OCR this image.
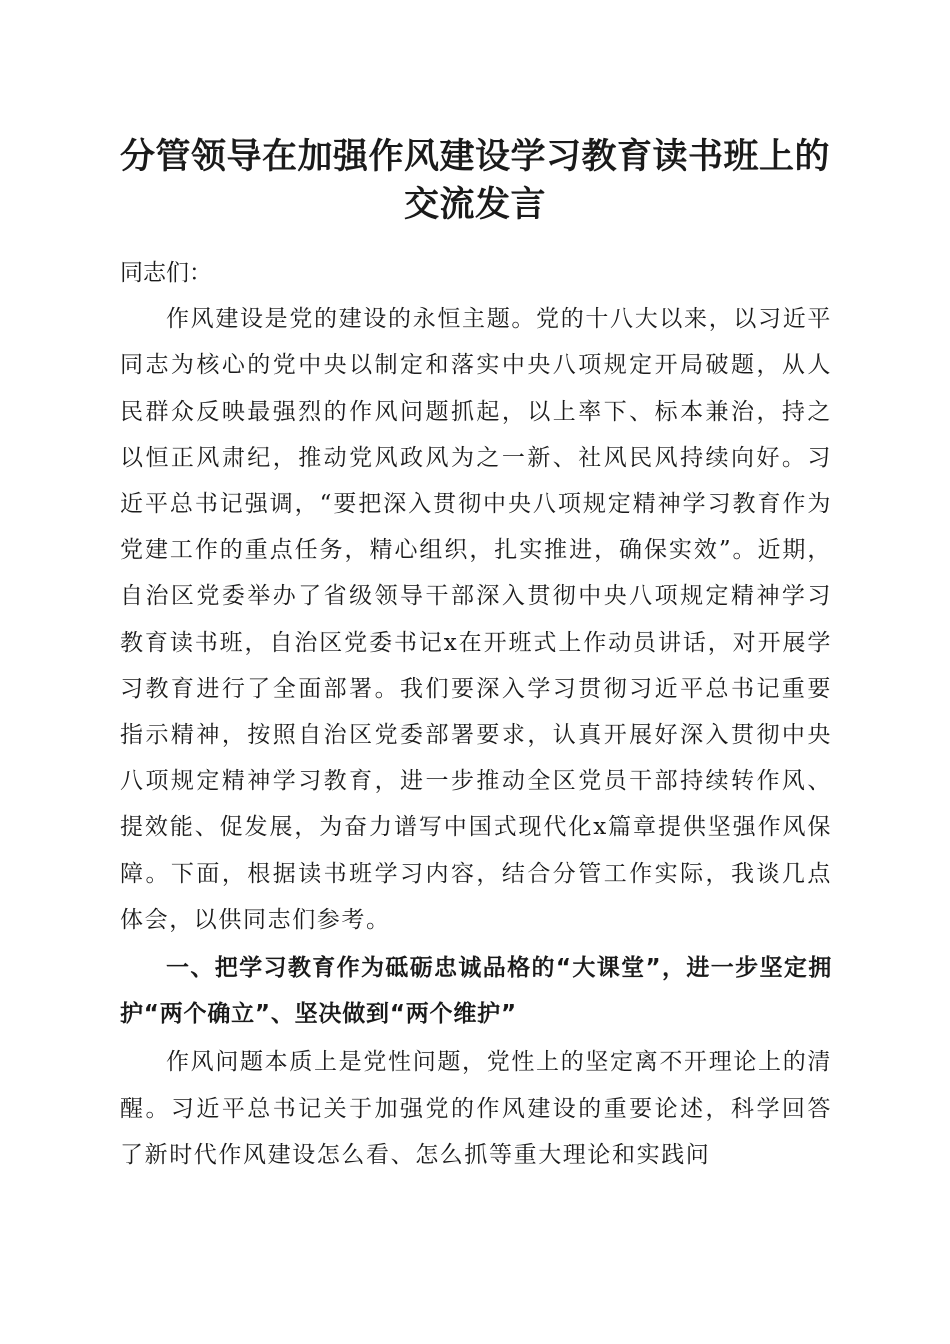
分管领导在加强作风建设学习教育读书班上的
交流发言

同志们：

作风建设是党的建设的永恒主题。党的十八大以来，以习近平同志为核心的党中央以制定和落实中央八项规定开局破题，从人民群众反映最强烈的作风问题抓起，以上率下、标本兼治，持之以恒正风肃纪，推动党风政风为之一新、社风民风持续向好。习近平总书记强调，“要把深入贯彻中央八项规定精神学习教育作为党建工作的重点任务，精心组织，扎实推进，确保实效”。近期，自治区党委举办了省级领导干部深入贯彻中央八项规定精神学习教育读书班，自治区党委书记x在开班式上作动员讲话，对开展学习教育进行了全面部署。我们要深入学习贯彻习近平总书记重要指示精神，按照自治区党委部署要求，认真开展好深入贯彻中央八项规定精神学习教育，进一步推动全区党员干部持续转作风、提效能、促发展，为奋力谱写中国式现代化x篇章提供坚强作风保障。下面，根据读书班学习内容，结合分管工作实际，我谈几点体会，以供同志们参考。

一、把学习教育作为砥砺忠诚品格的“大课堂”，进一步坚定拥护“两个确立”、坚决做到“两个维护”

作风问题本质上是党性问题，党性上的坚定离不开理论上的清醒。习近平总书记关于加强党的作风建设的重要论述，科学回答了新时代作风建设怎么看、怎么抓等重大理论和实践问
